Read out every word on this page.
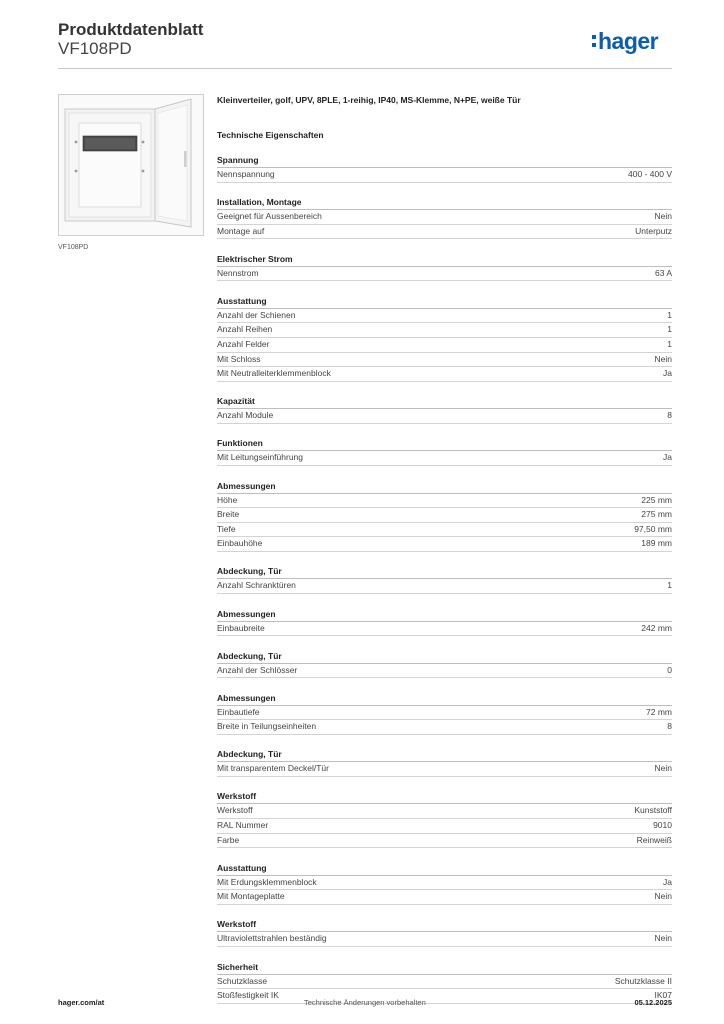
Produktdatenblatt
VF108PD	hager
VF108PD
Kleinverteiler, golf, UPV, 8PLE, 1-reihig, IP40, MS-Klemme, N+PE, weiße Tür
Technische Eigenschaften
Spannung
Nennspannung	400 - 400 V
Installation, Montage
Geeignet für Aussenbereich	Nein
Montage auf	Unterputz
Elektrischer Strom
Nennstrom	63 A
Ausstattung
Anzahl der Schienen	1
Anzahl Reihen	1
Anzahl Felder	1
Mit Schloss	Nein
Mit Neutralleiterklemmenblock	Ja
Kapazität
Anzahl Module	8
Funktionen
Mit Leitungseinführung	Ja
Abmessungen
Höhe	225 mm
Breite	275 mm
Tiefe	97,50 mm
Einbauhöhe	189 mm
Abdeckung, Tür
Anzahl Schranktüren	1
Abmessungen
Einbaubreite	242 mm
Abdeckung, Tür
Anzahl der Schlösser	0
Abmessungen
Einbautiefe	72 mm
Breite in Teilungseinheiten	8
Abdeckung, Tür
Mit transparentem Deckel/Tür	Nein
Werkstoff
Werkstoff	Kunststoff
RAL Nummer	9010
Farbe	Reinweiß
Ausstattung
Mit Erdungsklemmenblock	Ja
Mit Montageplatte	Nein
Werkstoff
Ultraviolettstrahlen beständig	Nein
Sicherheit
Schutzklasse	Schutzklasse II
Stoßfestigkeit IK	IK07
hager.com/at	Technische Änderungen vorbehalten	05.12.2025
